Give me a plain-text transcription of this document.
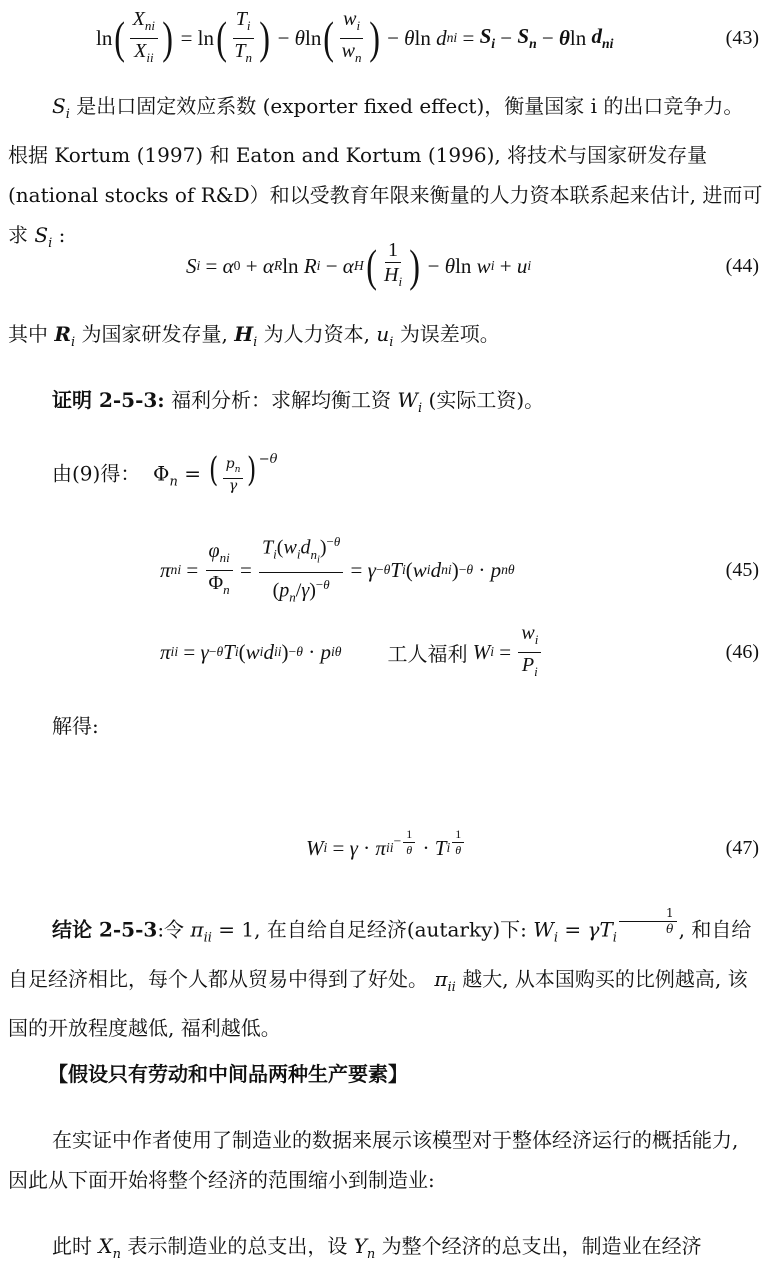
ln ( $\frac{X_{ni}}{X_{ii}}$ ) = ln ( $\frac{T_i}{T_n}$ ) − θ ln ( $\frac{w_i}{w_n}$ ) − θ ln d ni = $S_i - S_n - \theta$ $\ln d_{ni}$	(43)
$S_i$ 是出口固定效应系数 (exporter fixed effect)，衡量国家 i 的出口竞争力。根据 Kortum (1997) 和 Eaton and Kortum (1996), 将技术与国家研发存量 (national stocks of R&D）和以受教育年限来衡量的人力资本联系起来估计, 进而可求 $S_i$ :
S i = α 0 + α R ln R i − α H ( $\frac{1}{H_i}$ ) − θ ln w i + u i	(44)
其中 $R_i$ 为国家研发存量, $H_i$ 为人力资本, $u_i$ 为误差项。
证明 2-5-3: 福利分析：求解均衡工资 $W_i$ (实际工资)。
由(9)得：  $\Phi_n$ = ( $\frac{p_n}{\gamma}$ ) $^{-\theta}$
π ni = $\frac{\varphi_{ni}}{\Phi_n} = \frac{T_i(w_id_{n_i})^{-\theta}}{(p_n/\gamma)^{-\theta}} = \gamma -\theta$ T i ( w i d ni ) −θ · p n θ	(45)
π ii = γ −θ T i ( w i d ii ) −θ · p i θ 工人福利
W $i = \frac{w_i}{P_i}$	(46)
解得:
W i = γ · π $ii^{- \frac{1}{\theta}} \cdot T$ i $^{\frac{1}{\theta}}$	(47)
结论 2-5-3:令 $\pi_{ii} = 1$, 在自给自足经济(autarky)下: $W_i = \gamma T_i$
$^{\frac{1}{\theta}}$ , 和自给自足经济相比，每个人都从贸易中得到了好处。 $\pi_{ii}$ 越大, 从本国购买的比例越高, 该国的开放程度越低, 福利越低。
【假设只有劳动和中间品两种生产要素】
在实证中作者使用了制造业的数据来展示该模型对于整体经济运行的概括能力, 因此从下面开始将整个经济的范围缩小到制造业:
此时 $X_n$ 表示制造业的总支出，设 $Y_n$ 为整个经济的总支出，制造业在经济
